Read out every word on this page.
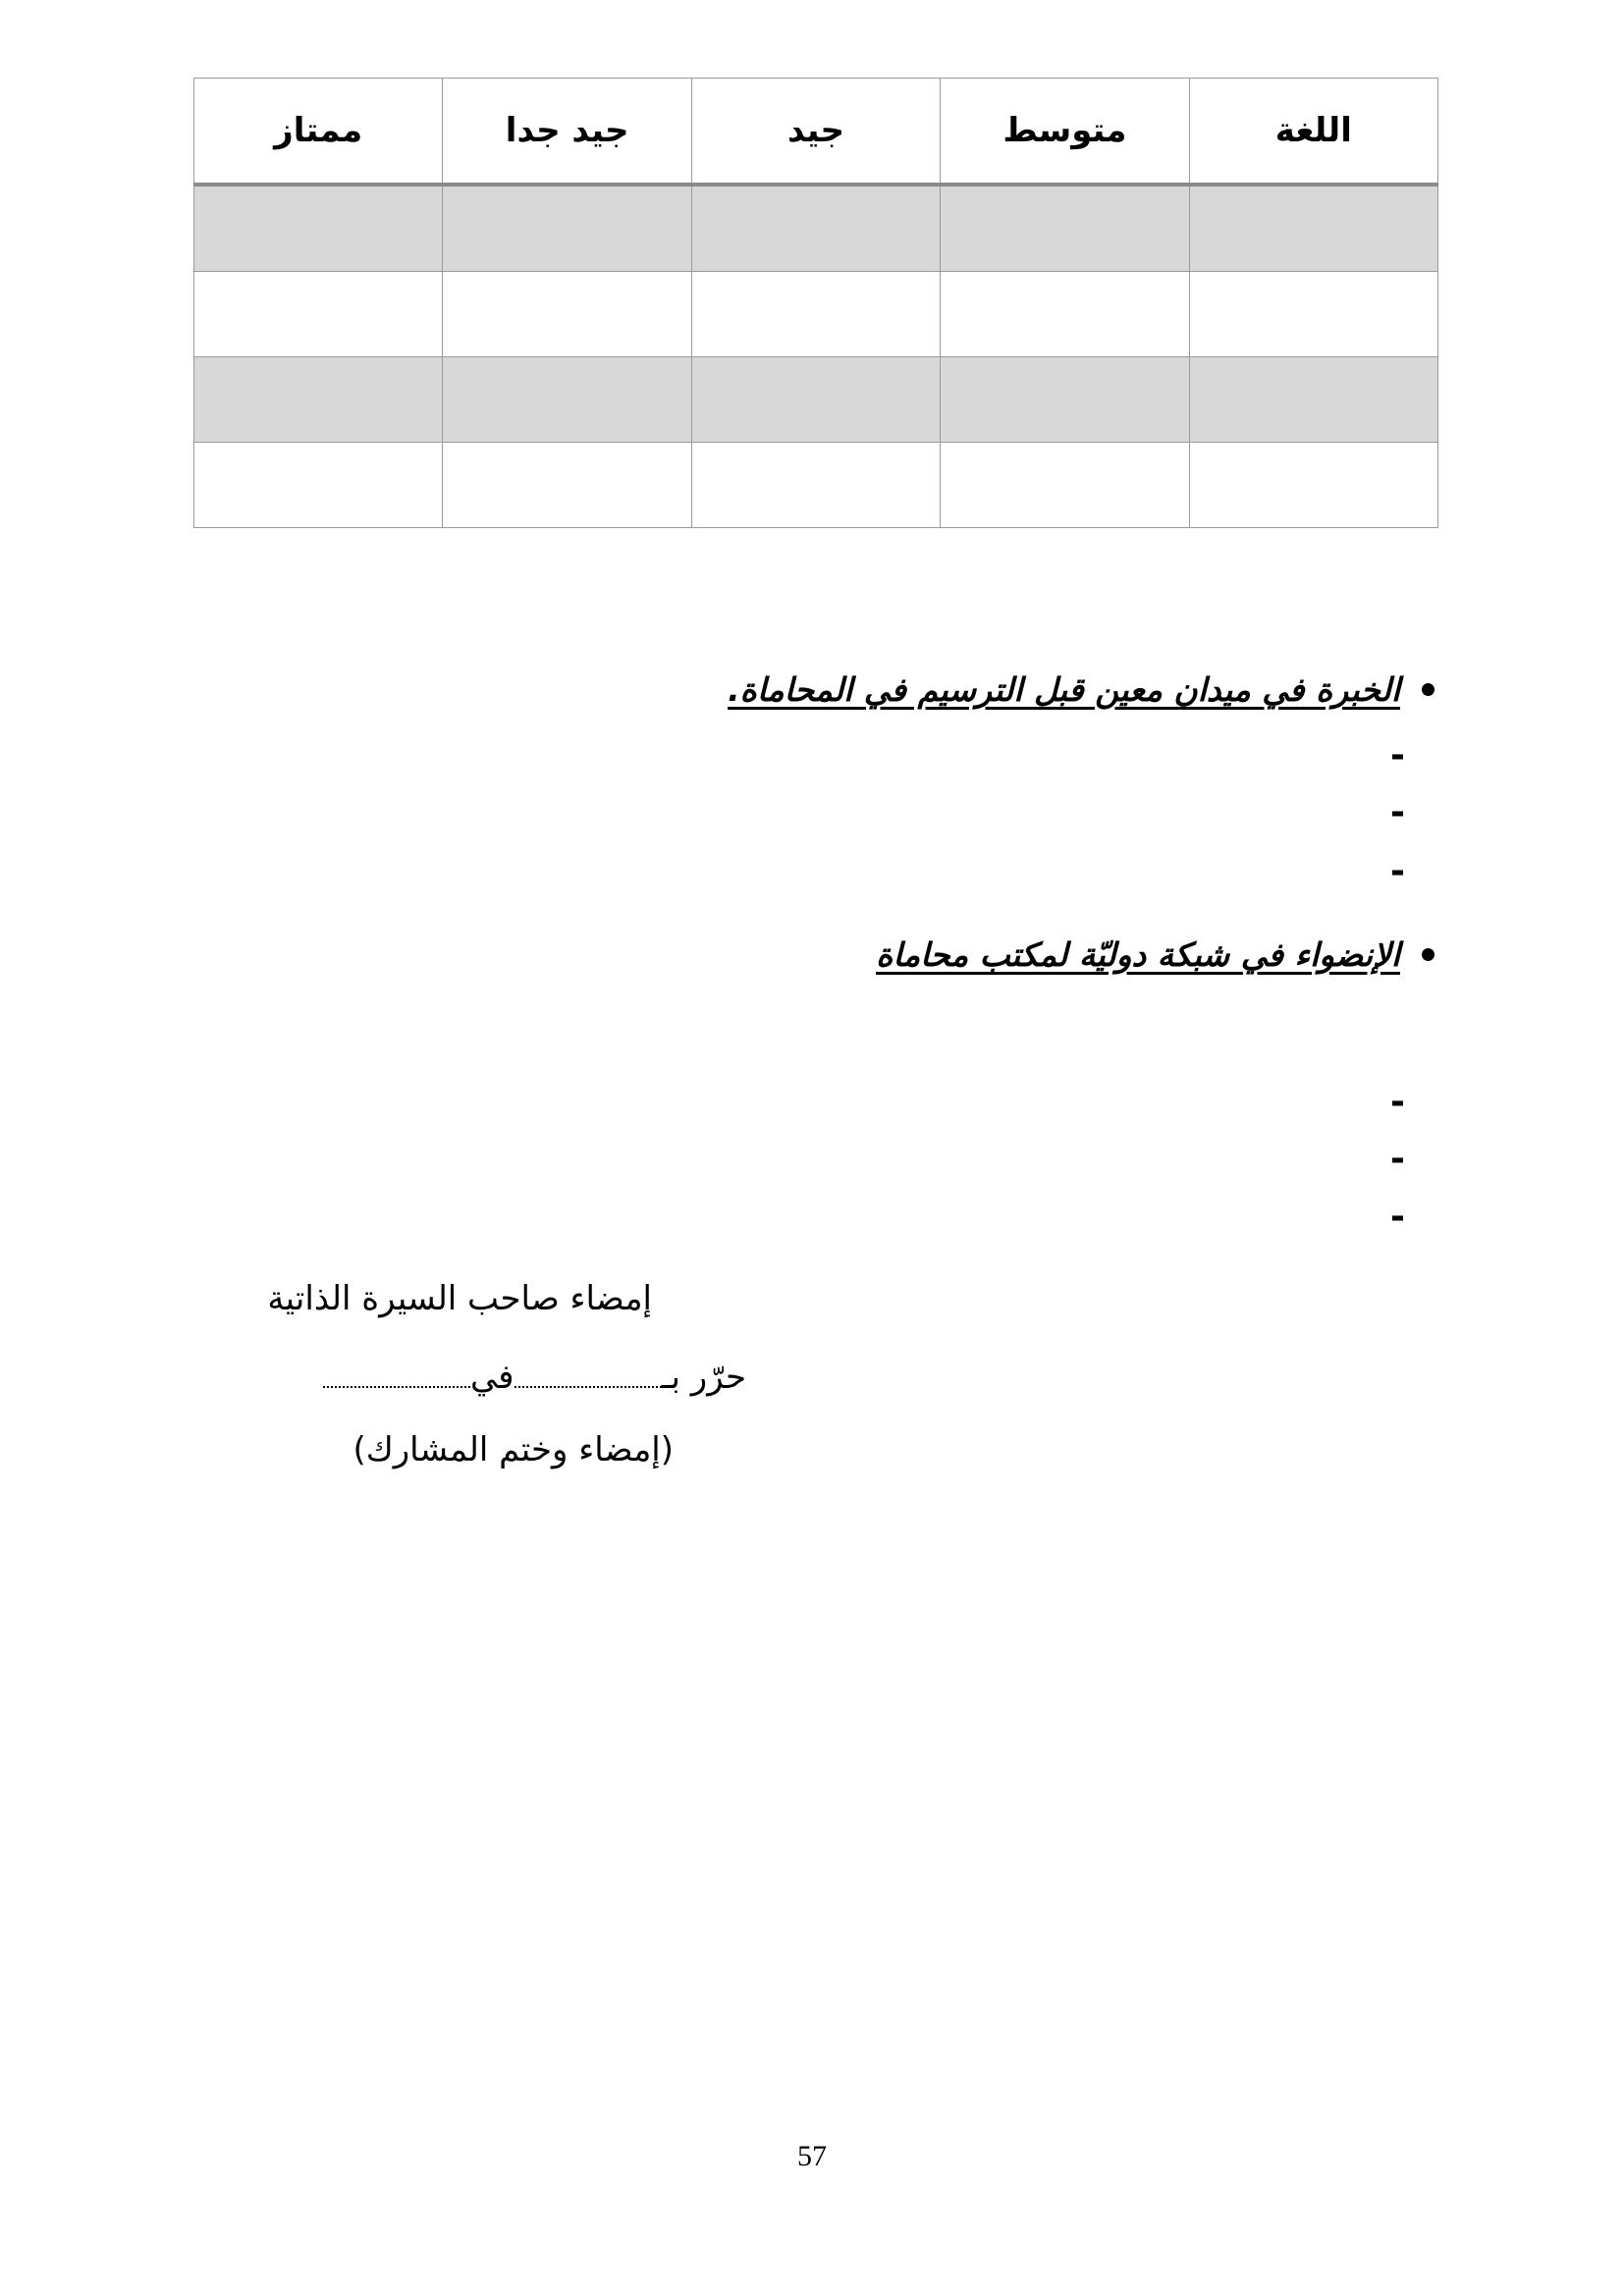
اللغة	متوسط	جيد	جيد جدا	ممتاز

الخبرة في ميدان معين قبل الترسيم في المحاماة.
-
-
-
الإنضواء في شبكة دوليّة لمكتب محاماة
-
-
-
إمضاء صاحب السيرة الذاتية
حرّر بـفي
(إمضاء وختم المشارك)
57
